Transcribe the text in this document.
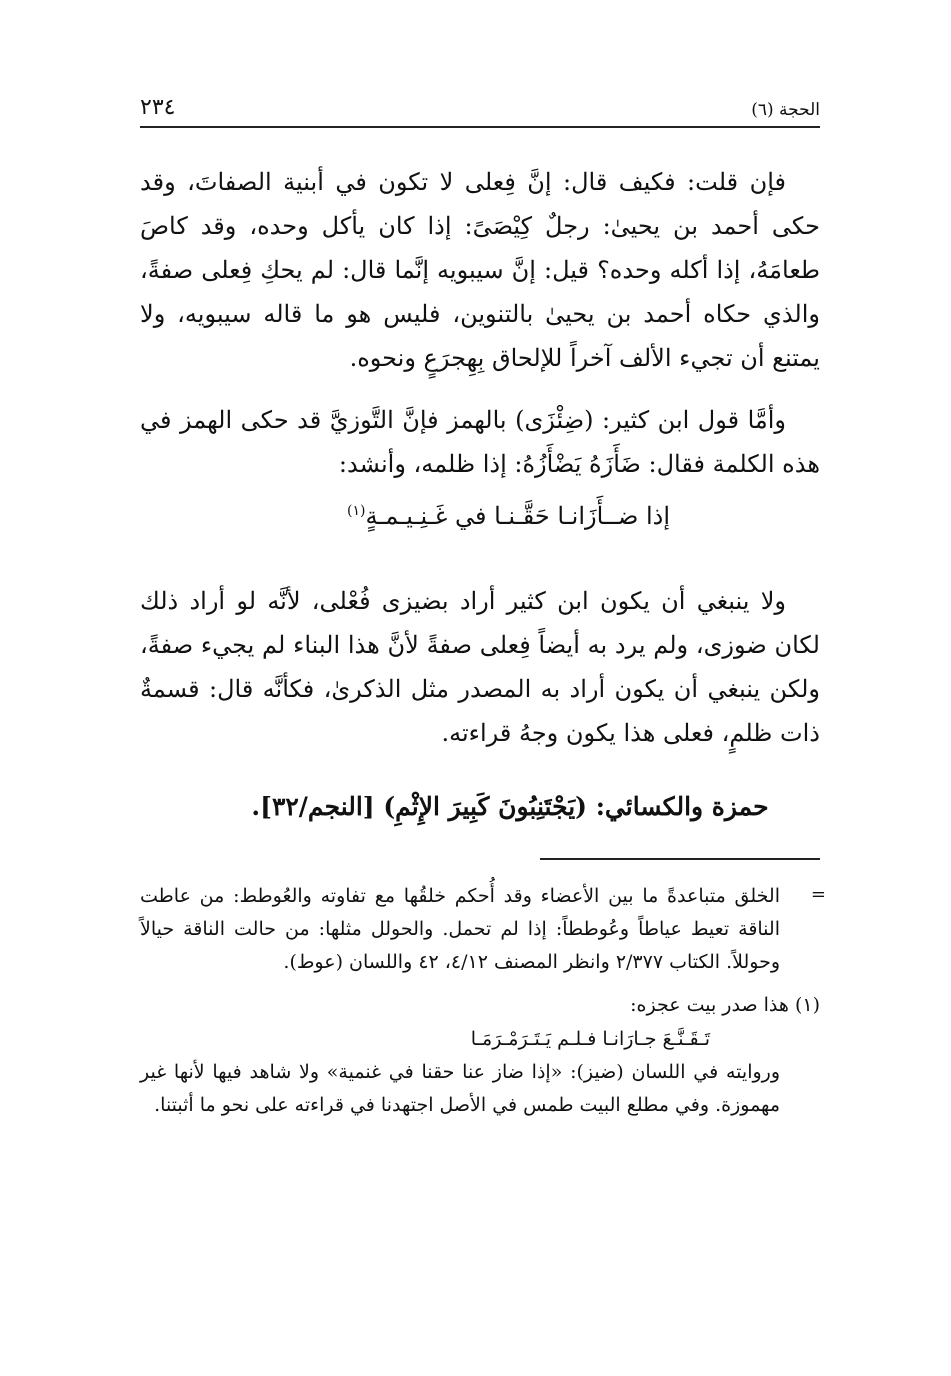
٢٣٤	الحجة (٦)

فإن قلت: فكيف قال: إنَّ فِعلى لا تكون في أبنية الصفاتَ، وقد حكى أحمد بن يحيىٰ: رجلٌ كِيْصَىً: إذا كان يأكل وحده، وقد كاصَ طعامَهُ، إذا أكله وحده؟ قيل: إنَّ سيبويه إنَّما قال: لم يحكِ فِعلى صفةً، والذي حكاه أحمد بن يحيىٰ بالتنوين، فليس هو ما قاله سيبويه، ولا يمتنع أن تجيء الألف آخراً للإلحاق بِهِجرَعٍ ونحوه.

وأمَّا قول ابن كثير: (ضِئْزَى) بالهمز فإنَّ التَّوزيَّ قد حكى الهمز في هذه الكلمة فقال: ضَأَزَهُ يَضْأَزُهُ: إذا ظلمه، وأنشد:

إذا ضــأَزَانـا حَقَّـنـا في غَـنِـيـمـةٍ$^{(١)}$

ولا ينبغي أن يكون ابن كثير أراد بضيزى فُعْلى، لأنَّه لو أراد ذلك لكان ضوزى، ولم يرد به أيضاً فِعلى صفةً لأنَّ هذا البناء لم يجيء صفةً، ولكن ينبغي أن يكون أراد به المصدر مثل الذكرىٰ، فكأنَّه قال: قسمةٌ ذات ظلمٍ، فعلى هذا يكون وجهُ قراءته.

حمزة والكسائي: (يَجْتَنِبُونَ كَبِيرَ الإِثْمِ) [النجم/٣٢].
=

الخلق متباعدةً ما بين الأعضاء وقد أُحكم خلقُها مع تفاوته والعُوطط: من عاطت الناقة تعيط عياطاً وعُوططاً: إذا لم تحمل. والحولل مثلها: من حالت الناقة حيالاً وحوللاً. الكتاب ٢/٣٧٧ وانظر المصنف ٤/١٢، ٤٢ واللسان (عوط).

(١) هذا صدر بيت عجزه:

تَـقَـنَّـعَ جـارَانـا فـلـم يَـتَـرَمْـرَمَـا

وروايته في اللسان (ضيز): «إذا ضاز عنا حقنا في غنمية» ولا شاهد فيها لأنها غير مهموزة. وفي مطلع البيت طمس في الأصل اجتهدنا في قراءته على نحو ما أثبتنا.
